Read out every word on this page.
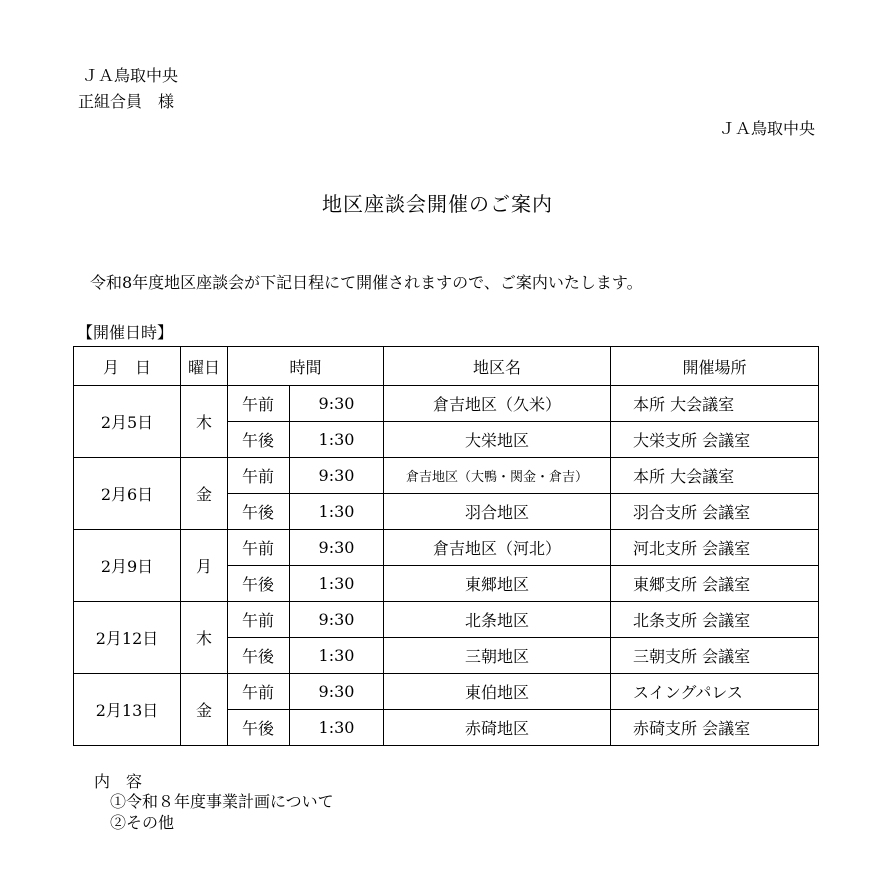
ＪＡ鳥取中央
正組合員　様
ＪＡ鳥取中央
地区座談会開催のご案内
令和8年度地区座談会が下記日程にて開催されますので、ご案内いたします。
【開催日時】
月　日	曜日	時間		地区名	開催場所
2月5日	木	午前	9:30	倉吉地区（久米）	本所 大会議室
		午後	1:30	大栄地区	大栄支所 会議室
2月6日	金	午前	9:30	倉吉地区（大鴨・関金・倉吉）	本所 大会議室
		午後	1:30	羽合地区	羽合支所 会議室
2月9日	月	午前	9:30	倉吉地区（河北）	河北支所 会議室
		午後	1:30	東郷地区	東郷支所 会議室
2月12日	木	午前	9:30	北条地区	北条支所 会議室
		午後	1:30	三朝地区	三朝支所 会議室
2月13日	金	午前	9:30	東伯地区	スイングパレス
		午後	1:30	赤碕地区	赤碕支所 会議室
内　容
①令和８年度事業計画について
②その他
